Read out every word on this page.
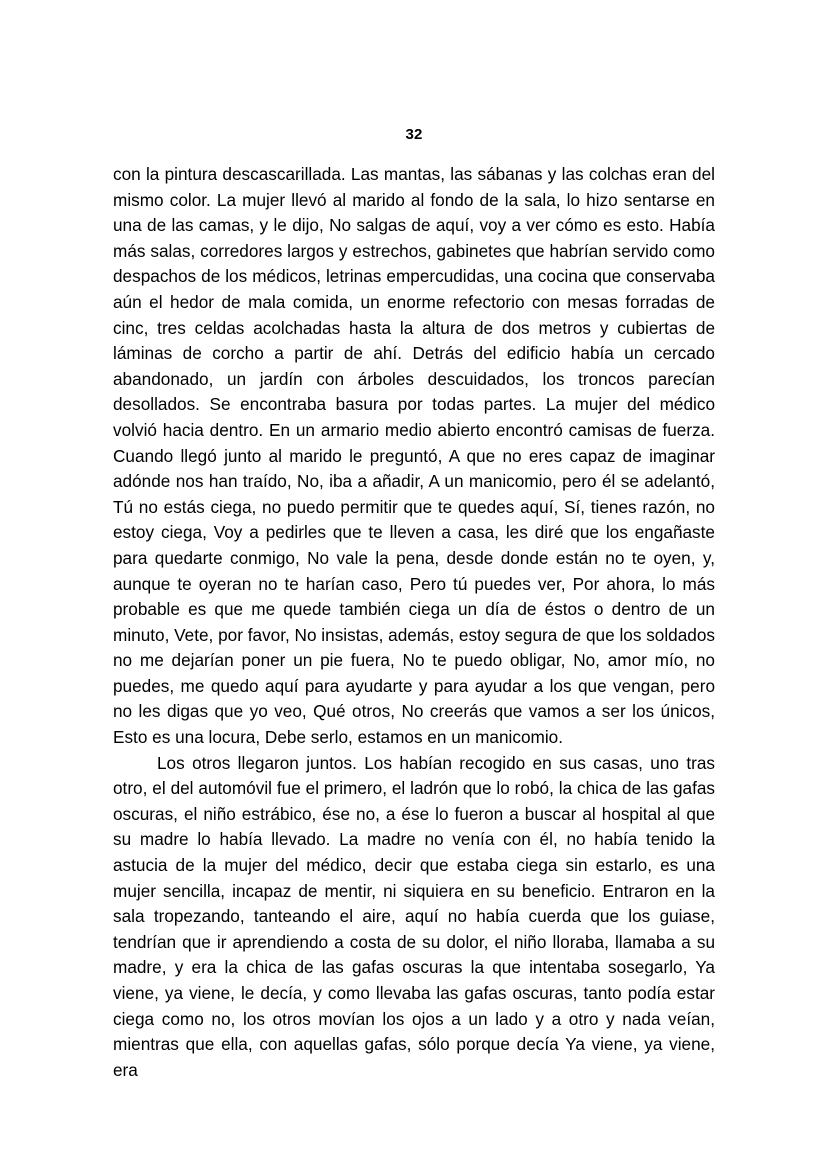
32

con la pintura descascarillada. Las mantas, las sábanas y las colchas eran del mismo color. La mujer llevó al marido al fondo de la sala, lo hizo sentarse en una de las camas, y le dijo, No salgas de aquí, voy a ver cómo es esto. Había más salas, corredores largos y estrechos, gabinetes que habrían servido como despachos de los médicos, letrinas empercudidas, una cocina que conservaba aún el hedor de mala comida, un enorme refectorio con mesas forradas de cinc, tres celdas acolchadas hasta la altura de dos metros y cubiertas de láminas de corcho a partir de ahí. Detrás del edificio había un cercado abandonado, un jardín con árboles descuidados, los troncos parecían desollados. Se encontraba basura por todas partes. La mujer del médico volvió hacia dentro. En un armario medio abierto encontró camisas de fuerza. Cuando llegó junto al marido le preguntó, A que no eres capaz de imaginar adónde nos han traído, No, iba a añadir, A un manicomio, pero él se adelantó, Tú no estás ciega, no puedo permitir que te quedes aquí, Sí, tienes razón, no estoy ciega, Voy a pedirles que te lleven a casa, les diré que los engañaste para quedarte conmigo, No vale la pena, desde donde están no te oyen, y, aunque te oyeran no te harían caso, Pero tú puedes ver, Por ahora, lo más probable es que me quede también ciega un día de éstos o dentro de un minuto, Vete, por favor, No insistas, además, estoy segura de que los soldados no me dejarían poner un pie fuera, No te puedo obligar, No, amor mío, no puedes, me quedo aquí para ayudarte y para ayudar a los que vengan, pero no les digas que yo veo, Qué otros, No creerás que vamos a ser los únicos, Esto es una locura, Debe serlo, estamos en un manicomio.

Los otros llegaron juntos. Los habían recogido en sus casas, uno tras otro, el del automóvil fue el primero, el ladrón que lo robó, la chica de las gafas oscuras, el niño estrábico, ése no, a ése lo fueron a buscar al hospital al que su madre lo había llevado. La madre no venía con él, no había tenido la astucia de la mujer del médico, decir que estaba ciega sin estarlo, es una mujer sencilla, incapaz de mentir, ni siquiera en su beneficio. Entraron en la sala tropezando, tanteando el aire, aquí no había cuerda que los guiase, tendrían que ir aprendiendo a costa de su dolor, el niño lloraba, llamaba a su madre, y era la chica de las gafas oscuras la que intentaba sosegarlo, Ya viene, ya viene, le decía, y como llevaba las gafas oscuras, tanto podía estar ciega como no, los otros movían los ojos a un lado y a otro y nada veían, mientras que ella, con aquellas gafas, sólo porque decía Ya viene, ya viene, era
